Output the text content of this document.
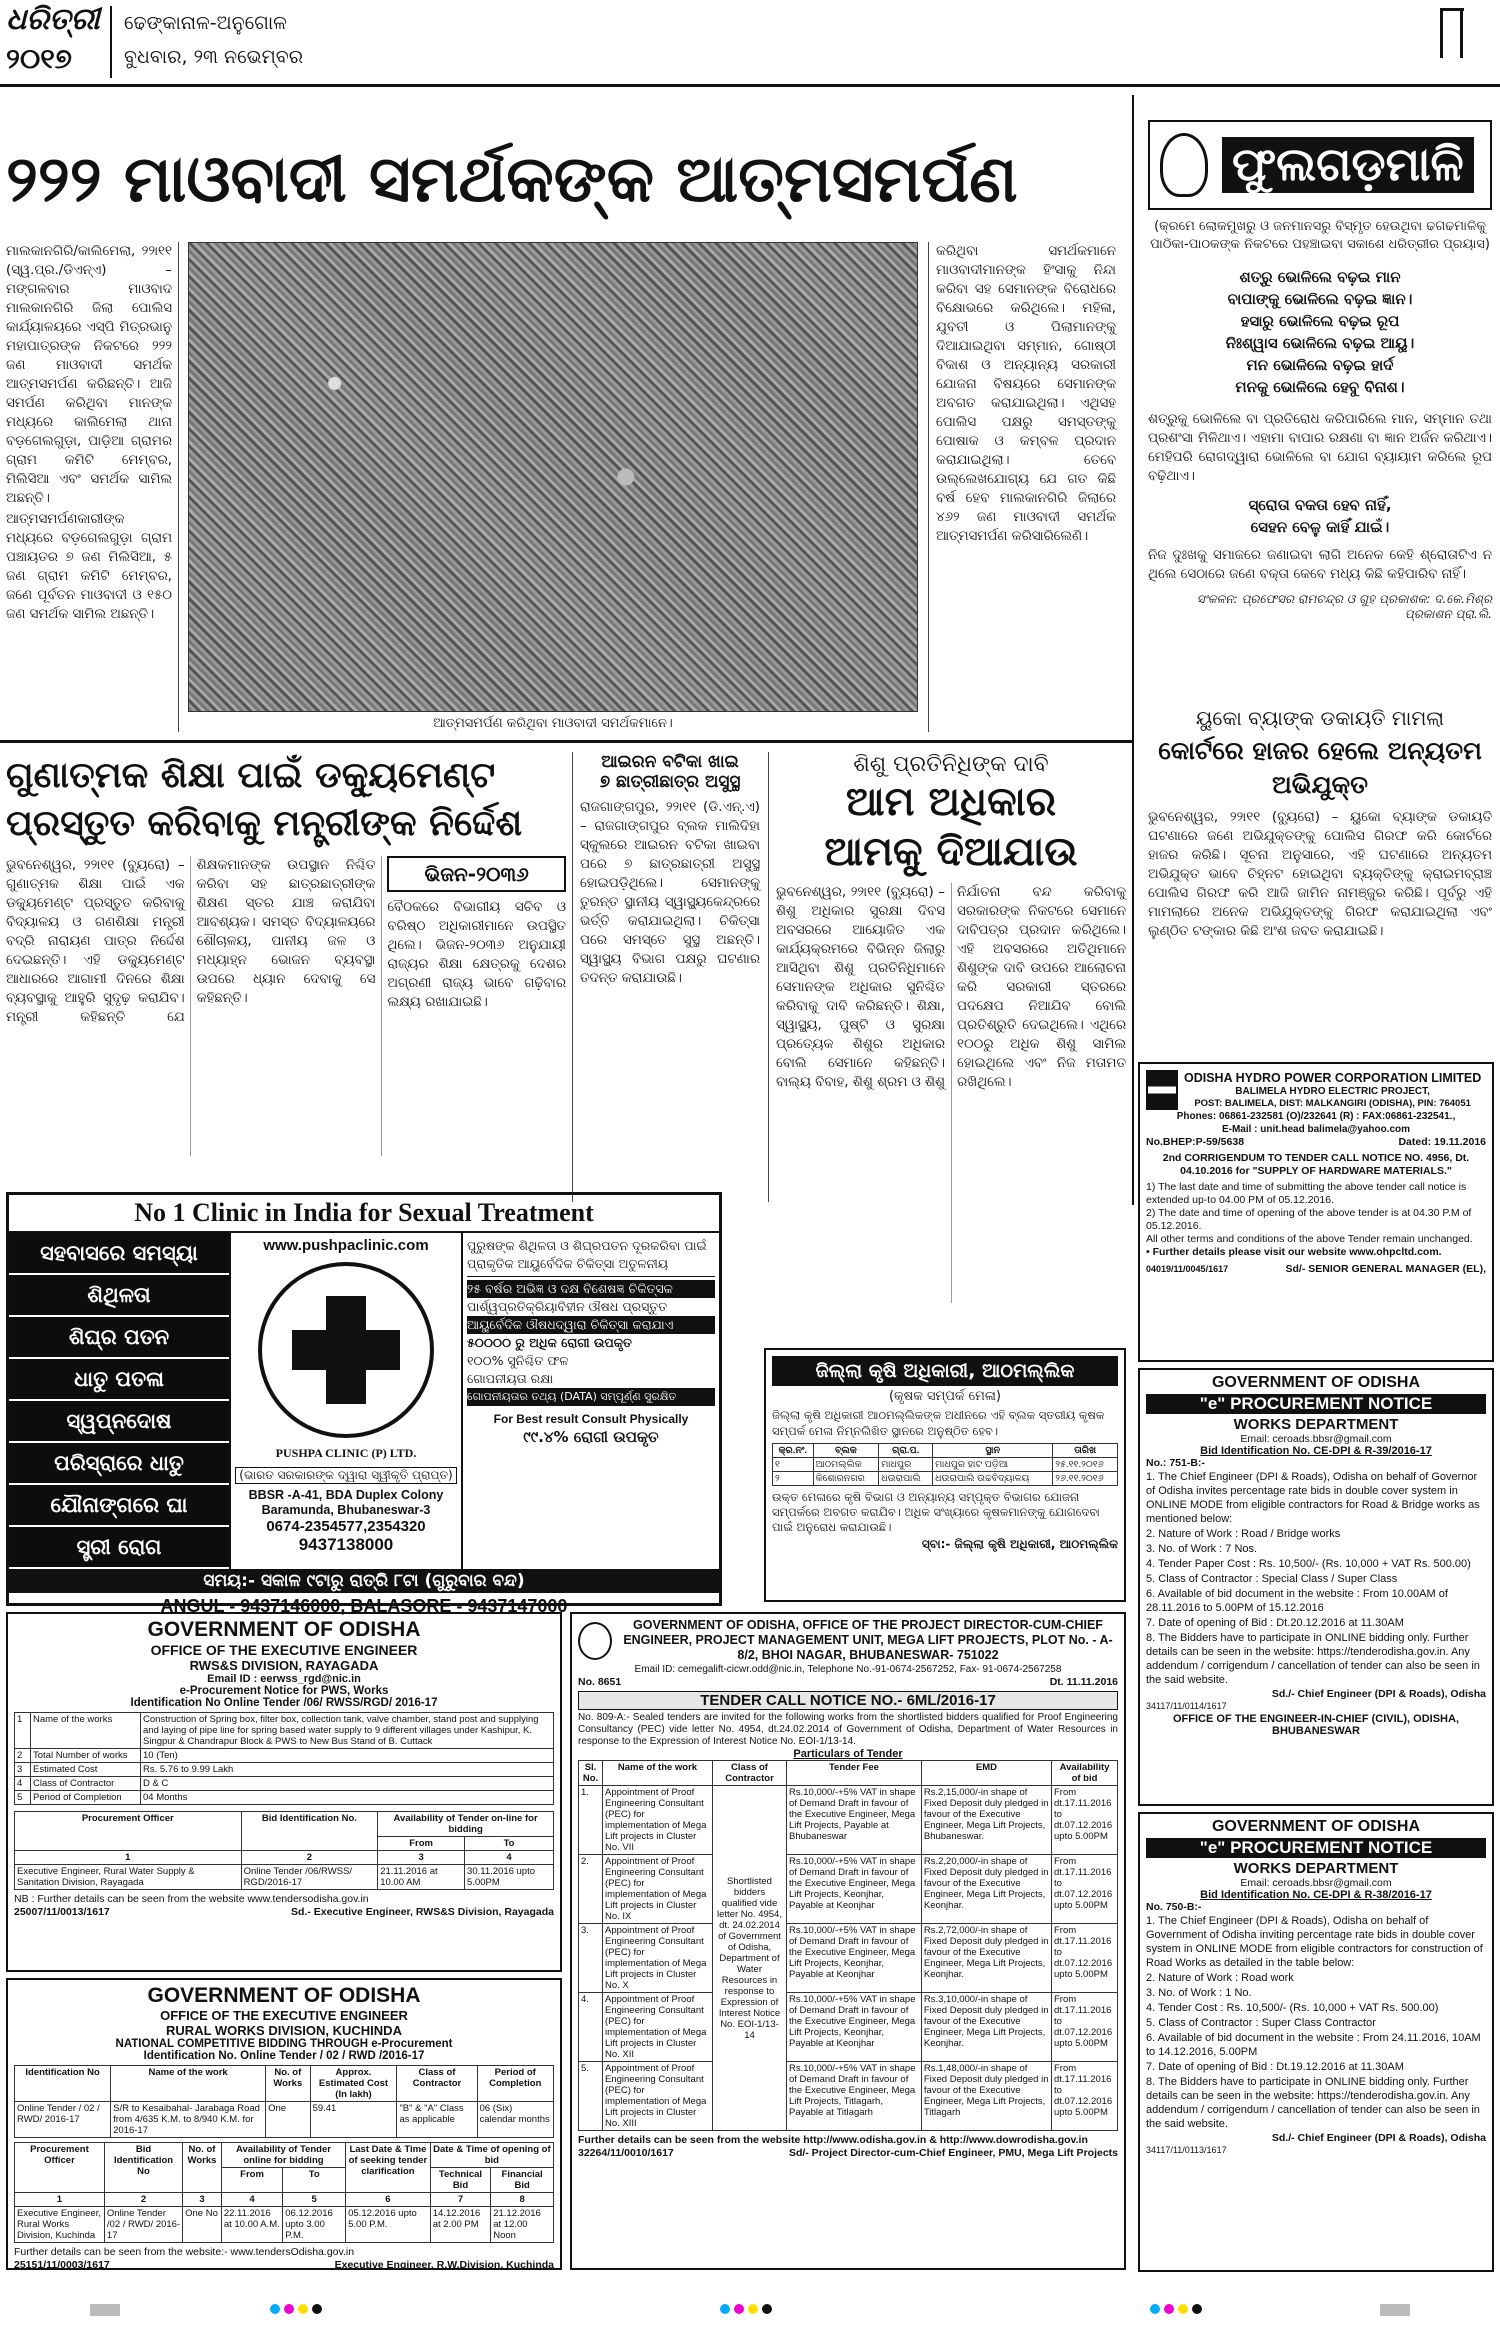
ଧରିତ୍ରୀ
୨୦୧୭
ଢେଙ୍କାନାଳ-ଅନୁଗୋଳ
ବୁଧବାର, ୨୩ ନଭେମ୍ବର
୨୨୨ ମାଓବାଦୀ ସମର୍ଥକଙ୍କ ଆତ୍ମସମର୍ପଣ

ମାଲକାନଗିରି/କାଲିମେଲା, ୨୨ା୧୧ (ସ୍ୱ.ପ୍ର./ଡିଏନ୍‌ଏ) – ମଙ୍ଗଳବାର ମାଓବାଦ ମାଲକାନଗିରି ଜିଲା ପୋଲିସ କାର୍ଯ୍ୟାଳୟରେ ଏସ୍‌ପି ମିତ୍ରଭାନୁ ମହାପାତ୍ରଙ୍କ ନିକଟରେ ୨୨୨ ଜଣ ମାଓବାଦୀ ସମର୍ଥକ ଆତ୍ମସମର୍ପଣ କରିଛନ୍ତି। ଆଜି ସମର୍ପଣ କରିଥିବା ମାନଙ୍କ ମଧ୍ୟରେ କାଲିମେଲା ଥାନା ବଡ଼ଗେଲଗୁଡ଼ା, ପାଡ଼ିଆ ଗ୍ରାମର ଗ୍ରାମ କମିଟି ମେମ୍ବର, ମିଲିସିଆ ଏବଂ ସମର୍ଥକ ସାମିଲ ଅଛନ୍ତି।

ଆତ୍ମସମର୍ପଣକାରୀଙ୍କ ମଧ୍ୟରେ ବଡ଼ଗେଲଗୁଡ଼ା ଗ୍ରାମ ପଞ୍ଚାୟତର ୭ ଜଣ ମିଲିସିଆ, ୫ ଜଣ ଗ୍ରାମ କମିଟି ମେମ୍ବର, ଜଣେ ପୂର୍ବତନ ମାଓବାଦୀ ଓ ୧୫୦ ଜଣ ସମର୍ଥକ ସାମିଲ ଅଛନ୍ତି।

ଆତ୍ମସମର୍ପଣ କରିଥିବା ମାଓବାଦୀ ସମର୍ଥକମାନେ।

କରିଥିବା ସମର୍ଥକମାନେ ମାଓବାଦୀମାନଙ୍କ ହିଂସାକୁ ନିନ୍ଦା କରିବା ସହ ସେମାନଙ୍କ ବିରୋଧରେ ବିକ୍ଷୋଭରେ କରିଥିଲେ। ମହିଳା, ଯୁବତୀ ଓ ପିଲାମାନଙ୍କୁ ଦିଆଯାଇଥିବା ସମ୍ମାନ, ଗୋଷ୍ଠୀ ବିକାଶ ଓ ଅନ୍ୟାନ୍ୟ ସରକାରୀ ଯୋଜନା ବିଷୟରେ ସେମାନଙ୍କ ଅବଗତ କରାଯାଇଥିଲା। ଏଥିସହ ପୋଲିସ ପକ୍ଷରୁ ସମସ୍ତଙ୍କୁ ପୋଷାକ ଓ କମ୍ବଳ ପ୍ରଦାନ କରାଯାଇଥିଲା। ତେବେ ଉଲ୍ଲେଖଯୋଗ୍ୟ ଯେ ଗତ କିଛି ବର୍ଷ ହେବ ମାଲକାନଗିରି ଜିଲାରେ ୪୬୨ ଜଣ ମାଓବାଦୀ ସମର୍ଥକ ଆତ୍ମସମର୍ପଣ କରିସାରିଲେଣି।

ଫୁଲଗଡ଼ମାଳି

(କ୍ରମେ ଲୋକମୁଖରୁ ଓ ଜନମାନସରୁ ବିସ୍ମୃତ ହେଉଥିବା ଢଗଢମାଳିକୁ ପାଠିକା-ପାଠକଙ୍କ ନିକଟରେ ପହଞ୍ଚାଇବା ସକାଶେ ଧରିତ୍ରୀର ପ୍ରୟାସ)

ଶତ୍ରୁ ଭୋଳିଲେ ବଢ଼ଇ ମାନ
ବାପାଙ୍କୁ ଭୋଳିଲେ ବଢ଼ଇ ଜ୍ଞାନ।
ହସାରୁ ଭୋଳିଲେ ବଢ଼ଇ ରୂପ
ନିଃଶ୍ୱାସ ଭୋଳିଲେ ବଢ଼ଇ ଆୟୁ।
ମନ ଭୋଳିଲେ ବଢ଼ଇ ହାର୍ଦ
ମନକୁ ଭୋଳିଲେ ହେବୁ ବିନାଶ।

ଶତ୍ରୁକୁ ଭୋଳିଲେ ବା ପ୍ରତିରୋଧ କରିପାରିଲେ ମାନ, ସମ୍ମାନ ତଥା ପ୍ରଶଂସା ମିଳିଥାଏ। ଏହାମା ବାପାର ରକ୍ଷଣା ବା ଜ୍ଞାନ ଅର୍ଜନ କରିଥାଏ। ମେହିପରି ରୋଗଦ୍ୱାରା ଭୋଳିଲେ ବା ଯୋଗ ବ୍ୟାୟାମ କରିଲେ ରୂପ ବଢ଼ିଥାଏ।

ସ୍ରୋତା ବକତା ହେବ ନାହିଁ,
ସେହନ ବେଳୁ କାହିଁ ଯାଇଁ।

ନିଜ ଦୁଃଖକୁ ସମାଜରେ ଜଣାଇବା ଲାଗି ଅନେକ କେହି ଶ୍ରୋତାଟିଏ ନ ଥିଲେ ସେଠାରେ ଜଣେ ବକ୍ତା କେବେ ମଧ୍ୟ କିଛି କହିପାରିବ ନାହିଁ।

ସଂକଳନ: ପ୍ରଫେସର ରାମଚନ୍ଦ୍ର ଓ ଗୁହ ପ୍ରକାଶକ: ଦ.କେ.ମିଶ୍ର ପ୍ରକାଶନ ପ୍ରା.ଲି.

ୟୁକୋ ବ୍ୟାଙ୍କ ଡକାୟତି ମାମଲା
କୋର୍ଟରେ ହାଜର ହେଲେ ଅନ୍ୟତମ ଅଭିଯୁକ୍ତ

ଭୁବନେଶ୍ୱର, ୨୨ା୧୧ (ବ୍ୟୁରୋ) – ୟୁକୋ ବ୍ୟାଙ୍କ ଡକାୟତି ଘଟଣାରେ ଜଣେ ଅଭିଯୁକ୍ତଙ୍କୁ ପୋଲିସ ଗିରଫ କରି କୋର୍ଟରେ ହାଜର କରିଛି। ସୂଚନା ଅନୁସାରେ, ଏହି ଘଟଣାରେ ଅନ୍ୟତମ ଅଭିଯୁକ୍ତ ଭାବେ ଚିହ୍ନଟ ହୋଇଥିବା ବ୍ୟକ୍ତିଙ୍କୁ କ୍ରାଇମବ୍ରାଞ୍ଚ ପୋଲିସ ଗିରଫ କରି ଆଜି ଜାମିନ ନାମଞ୍ଜୁର କରିଛି। ପୂର୍ବରୁ ଏହି ମାମଲାରେ ଅନେକ ଅଭିଯୁକ୍ତଙ୍କୁ ଗିରଫ କରାଯାଇଥିଲା ଏବଂ ଲୁଣ୍ଠିତ ଟଙ୍କାର କିଛି ଅଂଶ ଜବତ କରାଯାଇଛି।

ODISHA HYDRO POWER CORPORATION LIMITED
BALIMELA HYDRO ELECTRIC PROJECT,
POST: BALIMELA, DIST: MALKANGIRI (ODISHA), PIN: 764051
Phones: 06861-232581 (O)/232641 (R) : FAX:06861-232541.,
E-Mail : unit.head balimela@yahoo.com
No.BHEP:P-59/5638	Dated: 19.11.2016
2nd CORRIGENDUM TO TENDER CALL NOTICE NO. 4956, Dt. 04.10.2016 for "SUPPLY OF HARDWARE MATERIALS."
1) The last date and time of submitting the above tender call notice is extended up-to 04.00 PM of 05.12.2016.
2) The date and time of opening of the above tender is at 04.30 P.M of 05.12.2016.
All other terms and conditions of the above Tender remain unchanged.
• Further details please visit our website www.ohpcltd.com.
04019/11/0045/1617	Sd/- SENIOR GENERAL MANAGER (EL),
GOVERNMENT OF ODISHA
"e" PROCUREMENT NOTICE
WORKS DEPARTMENT
Email: ceroads.bbsr@gmail.com
Bid Identification No. CE-DPI & R-39/2016-17
No.: 751-B:-
1. The Chief Engineer (DPI & Roads), Odisha on behalf of Governor of Odisha invites percentage rate bids in double cover system in ONLINE MODE from eligible contractors for Road & Bridge works as mentioned below:
2. Nature of Work : Road / Bridge works
3. No. of Work : 7 Nos.
4. Tender Paper Cost : Rs. 10,500/- (Rs. 10,000 + VAT Rs. 500.00)
5. Class of Contractor : Special Class / Super Class
6. Available of bid document in the website : From 10.00AM of 28.11.2016 to 5.00PM of 15.12.2016
7. Date of opening of Bid : Dt.20.12.2016 at 11.30AM
8. The Bidders have to participate in ONLINE bidding only. Further details can be seen in the website: https://tenderodisha.gov.in. Any addendum / corrigendum / cancellation of tender can also be seen in the said website.
Sd./- Chief Engineer (DPI & Roads), Odisha
34117/11/0114/1617
OFFICE OF THE ENGINEER-IN-CHIEF (CIVIL), ODISHA, BHUBANESWAR
GOVERNMENT OF ODISHA
"e" PROCUREMENT NOTICE
WORKS DEPARTMENT
Email: ceroads.bbsr@gmail.com
Bid Identification No. CE-DPI & R-38/2016-17
No. 750-B:-
1. The Chief Engineer (DPI & Roads), Odisha on behalf of Government of Odisha inviting percentage rate bids in double cover system in ONLINE MODE from eligible contractors for construction of Road Works as detailed in the table below:
2. Nature of Work : Road work
3. No. of Work : 1 No.
4. Tender Cost : Rs. 10,500/- (Rs. 10,000 + VAT Rs. 500.00)
5. Class of Contractor : Super Class Contractor
6. Available of bid document in the website : From 24.11.2016, 10AM to 14.12.2016, 5.00PM
7. Date of opening of Bid : Dt.19.12.2016 at 11.30AM
8. The Bidders have to participate in ONLINE bidding only. Further details can be seen in the website: https://tenderodisha.gov.in. Any addendum / corrigendum / cancellation of tender can also be seen in the said website.
Sd./- Chief Engineer (DPI & Roads), Odisha
34117/11/0113/1617
ଗୁଣାତ୍ମକ ଶିକ୍ଷା ପାଇଁ ଡକ୍ୟୁମେଣ୍ଟ
ପ୍ରସ୍ତୁତ କରିବାକୁ ମନ୍ତ୍ରୀଙ୍କ ନିର୍ଦ୍ଦେଶ

ଭୁବନେଶ୍ୱର, ୨୨ା୧୧ (ବ୍ୟୁରୋ) – ଗୁଣାତ୍ମକ ଶିକ୍ଷା ପାଇଁ ଏକ ଡକ୍ୟୁମେଣ୍ଟ ପ୍ରସ୍ତୁତ କରିବାକୁ ବିଦ୍ୟାଳୟ ଓ ଗଣଶିକ୍ଷା ମନ୍ତ୍ରୀ ବଦ୍ରି ନାରାୟଣ ପାତ୍ର ନିର୍ଦ୍ଦେଶ ଦେଇଛନ୍ତି। ଏହି ଡକ୍ୟୁମେଣ୍ଟ ଆଧାରରେ ଆଗାମୀ ଦିନରେ ଶିକ୍ଷା ବ୍ୟବସ୍ଥାକୁ ଆହୁରି ସୁଦୃଢ଼ କରାଯିବ। ମନ୍ତ୍ରୀ କହିଛନ୍ତି ଯେ ଶିକ୍ଷକମାନଙ୍କ ଉପସ୍ଥାନ ନିଶ୍ଚିତ କରିବା ସହ ଛାତ୍ରଛାତ୍ରୀଙ୍କ ଶିକ୍ଷଣ ସ୍ତର ଯାଞ୍ଚ କରାଯିବା ଆବଶ୍ୟକ। ସମସ୍ତ ବିଦ୍ୟାଳୟରେ ଶୌଚାଳୟ, ପାନୀୟ ଜଳ ଓ ମଧ୍ୟାହ୍ନ ଭୋଜନ ବ୍ୟବସ୍ଥା ଉପରେ ଧ୍ୟାନ ଦେବାକୁ ସେ କହିଛନ୍ତି।

ଭିଜନ-୨୦୩୬

ବୈଠକରେ ବିଭାଗୀୟ ସଚିବ ଓ ବରିଷ୍ଠ ଅଧିକାରୀମାନେ ଉପସ୍ଥିତ ଥିଲେ। ଭିଜନ-୨୦୩୬ ଅନୁଯାୟୀ ରାଜ୍ୟର ଶିକ୍ଷା କ୍ଷେତ୍ରକୁ ଦେଶର ଅଗ୍ରଣୀ ରାଜ୍ୟ ଭାବେ ଗଢ଼ିବାର ଲକ୍ଷ୍ୟ ରଖାଯାଇଛି।

ଆଇରନ ବଟିକା ଖାଇ
୭ ଛାତ୍ରୀଛାତ୍ର ଅସୁସ୍ଥ

ରାଜଗାଙ୍ଗପୁର, ୨୨ା୧୧ (ଡି.ଏନ୍‌.ଏ) – ରାଜଗାଙ୍ଗପୁର ବ୍ଲକ ମାଲିଦିହା ସ୍କୁଲରେ ଆଇରନ ବଟିକା ଖାଇବା ପରେ ୭ ଛାତ୍ରଛାତ୍ରୀ ଅସୁସ୍ଥ ହୋଇପଡ଼ିଥିଲେ। ସେମାନଙ୍କୁ ତୁରନ୍ତ ସ୍ଥାନୀୟ ସ୍ୱାସ୍ଥ୍ୟକେନ୍ଦ୍ରରେ ଭର୍ତ୍ତି କରାଯାଇଥିଲା। ଚିକିତ୍ସା ପରେ ସମସ୍ତେ ସୁସ୍ଥ ଅଛନ୍ତି। ସ୍ୱାସ୍ଥ୍ୟ ବିଭାଗ ପକ୍ଷରୁ ଘଟଣାର ତଦନ୍ତ କରାଯାଉଛି।

ଶିଶୁ ପ୍ରତିନିଧିଙ୍କ ଦାବି
ଆମ ଅଧିକାର
ଆମକୁ ଦିଆଯାଉ

ଭୁବନେଶ୍ୱର, ୨୨ା୧୧ (ବ୍ୟୁରୋ) – ଶିଶୁ ଅଧିକାର ସୁରକ୍ଷା ଦିବସ ଅବସରରେ ଆୟୋଜିତ ଏକ କାର୍ଯ୍ୟକ୍ରମରେ ବିଭିନ୍ନ ଜିଲାରୁ ଆସିଥିବା ଶିଶୁ ପ୍ରତିନିଧିମାନେ ସେମାନଙ୍କ ଅଧିକାର ସୁନିଶ୍ଚିତ କରିବାକୁ ଦାବି କରିଛନ୍ତି। ଶିକ୍ଷା, ସ୍ୱାସ୍ଥ୍ୟ, ପୁଷ୍ଟି ଓ ସୁରକ୍ଷା ପ୍ରତ୍ୟେକ ଶିଶୁର ଅଧିକାର ବୋଲି ସେମାନେ କହିଛନ୍ତି। ବାଲ୍ୟ ବିବାହ, ଶିଶୁ ଶ୍ରମ ଓ ଶିଶୁ ନିର୍ଯାତନା ବନ୍ଦ କରିବାକୁ ସରକାରଙ୍କ ନିକଟରେ ସେମାନେ ଦାବିପତ୍ର ପ୍ରଦାନ କରିଥିଲେ। ଏହି ଅବସରରେ ଅତିଥିମାନେ ଶିଶୁଙ୍କ ଦାବି ଉପରେ ଆଲୋଚନା କରି ସରକାରୀ ସ୍ତରରେ ପଦକ୍ଷେପ ନିଆଯିବ ବୋଲି ପ୍ରତିଶ୍ରୁତି ଦେଇଥିଲେ। ଏଥିରେ ୧୦୦ରୁ ଅଧିକ ଶିଶୁ ସାମିଲ ହୋଇଥିଲେ ଏବଂ ନିଜ ମତାମତ ରଖିଥିଲେ।

No 1 Clinic in India for Sexual Treatment
ସହବାସରେ ସମସ୍ୟା
ଶିଥିଳତା
ଶିଘ୍ର ପତନ
ଧାତୁ ପତଳା
ସ୍ୱପ୍ନଦୋଷ
ପରିସ୍ରାରେ ଧାତୁ
ଯୌନାଙ୍ଗରେ ଘା
ସ୍ତ୍ରୀ ରୋଗ
www.pushpaclinic.com
PUSHPA CLINIC (P) LTD.
(ଭାରତ ସରକାରଙ୍କ ଦ୍ୱାରା ସ୍ୱୀକୃତି ପ୍ରାପ୍ତ)
BBSR -A-41, BDA Duplex Colony Baramunda, Bhubaneswar-3
0674-2354577,2354320
9437138000
ପୁରୁଷଙ୍କ ଶିଥିଳତା ଓ ଶିଘ୍ରପତନ ଦୂରକରିବା ପାଇଁ ପ୍ରାକୃତିକ ଆୟୁର୍ବେଦିକ ଚିକିତ୍ସା ଅତୁଳନୀୟ
୨୫ ବର୍ଷର ଅଭିଜ୍ଞ ଓ ଦକ୍ଷ ବିଶେଷଜ୍ଞ ଚିକିତ୍ସକ
ପାର୍ଶ୍ୱପ୍ରତିକ୍ରିୟାବିହୀନ ଔଷଧ ପ୍ରସ୍ତୁତ
ଆୟୁର୍ବେଦିକ ଔଷଧଦ୍ୱାରା ଚିକିତ୍ସା କରାଯାଏ
୫୦୦୦୦ ରୁ ଅଧିକ ରୋଗୀ ଉପକୃତ
୧୦୦% ସୁନିଶ୍ଚିତ ଫଳ
ଗୋପନୀୟତା ରକ୍ଷା
ଗୋପନୀୟତାର ତଥ୍ୟ (DATA) ସମ୍ପୂର୍ଣ୍ଣ ସୁରକ୍ଷିତ
For Best result Consult Physically
୯୯.୪% ରୋଗୀ ଉପକୃତ
ସମୟ:- ସକାଳ ୯ଟାରୁ ରାତ୍ରି ୮ଟା (ଗୁରୁବାର ବନ୍ଦ)
ANGUL - 9437146000, BALASORE - 9437147000
ଜିଲ୍ଲା କୃଷି ଅଧିକାରୀ, ଆଠମଲ୍ଲିକ
(କୃଷକ ସମ୍ପର୍କ ମେଳା)

ଜିଲ୍ଲା କୃଷି ଅଧିକାରୀ ଆଠମଲ୍ଲିକଙ୍କ ଅଧୀନରେ ଏହି ବ୍ଲକ ସ୍ତରୀୟ କୃଷକ ସମ୍ପର୍କ ମେଳା ନିମ୍ନଲିଖିତ ସ୍ଥାନରେ ଅନୁଷ୍ଠିତ ହେବ।

କ୍ର.ନଂ.	ବ୍ଲକ	ଗ୍ରା.ପ.	ସ୍ଥାନ	ତାରିଖ
୧	ଆଠମଲ୍ଲିକ	ମାଧପୁର	ମାଧପୁର ହାଟ ପଡ଼ିଆ	୨୫.୧୧.୨୦୧୬
୨	କିଶୋରନଗର	ଧଉରାପାଲି	ଧଉରାପାଲି ଉଚ୍ଚବିଦ୍ୟାଳୟ	୨୬.୧୧.୨୦୧୬

ଉକ୍ତ ମେଳାରେ କୃଷି ବିଭାଗ ଓ ଅନ୍ୟାନ୍ୟ ସମ୍ପୃକ୍ତ ବିଭାଗର ଯୋଜନା ସମ୍ପର୍କରେ ଅବଗତ କରାଯିବ। ଅଧିକ ସଂଖ୍ୟାରେ କୃଷକମାନଙ୍କୁ ଯୋଗଦେବା ପାଇଁ ଅନୁରୋଧ କରାଯାଉଛି।

ସ୍ବା:- ଜିଲ୍ଲା କୃଷି ଅଧିକାରୀ, ଆଠମଲ୍ଲିକ
GOVERNMENT OF ODISHA
OFFICE OF THE EXECUTIVE ENGINEER
RWS&S DIVISION, RAYAGADA
Email ID : eerwss_rgd@nic.in
e-Procurement Notice for PWS, Works
Identification No Online Tender /06/ RWSS/RGD/ 2016-17
1	Name of the works	Construction of Spring box, filter box, collection tank, valve chamber, stand post and supplying and laying of pipe line for spring based water supply to 9 different villages under Kashipur, K. Singpur & Chandrapur Block & PWS to New Bus Stand of B. Cuttack
2	Total Number of works	10 (Ten)
3	Estimated Cost	Rs. 5.76 to 9.99 Lakh
4	Class of Contractor	D & C
5	Period of Completion	04 Months
Procurement Officer	Bid Identification No.	Availability of Tender on-line for bidding	
		From	To
1	2	3	4
Executive Engineer, Rural Water Supply & Sanitation Division, Rayagada	Online Tender /06/RWSS/ RGD/2016-17	21.11.2016 at 10.00 AM	30.11.2016 upto 5.00PM
NB : Further details can be seen from the website www.tendersodisha.gov.in
25007/11/0013/1617	Sd.- Executive Engineer, RWS&S Division, Rayagada
GOVERNMENT OF ODISHA
OFFICE OF THE EXECUTIVE ENGINEER
RURAL WORKS DIVISION, KUCHINDA
NATIONAL COMPETITIVE BIDDING THROUGH e-Procurement
Identification No. Online Tender / 02 / RWD /2016-17
Identification No	Name of the work	No. of Works	Approx. Estimated Cost (In lakh)	Class of Contractor	Period of Completion
Online Tender / 02 / RWD/ 2016-17	S/R to Kesaibahal- Jarabaga Road from 4/635 K.M. to 8/940 K.M. for 2016-17	One	59.41	"B" & "A" Class as applicable	06 (Six) calendar months
Procurement Officer	Bid Identification No	No. of Works	Availability of Tender online for bidding		Last Date & Time of seeking tender clarification	Date & Time of opening of bid	
			From	To		Technical Bid	Financial Bid
1	2	3	4	5	6	7	8
Executive Engineer, Rural Works Division, Kuchinda	Online Tender /02 / RWD/ 2016-17	One No	22.11.2016 at 10.00 A.M.	06.12.2016 upto 3.00 P.M.	05.12.2016 upto 5.00 P.M.	14.12.2016 at 2.00 PM	21.12.2016 at 12.00 Noon
Further details can be seen from the website:- www.tendersOdisha.gov.in
25151/11/0003/1617	Executive Engineer, R.W.Division, Kuchinda
GOVERNMENT OF ODISHA, OFFICE OF THE PROJECT DIRECTOR-CUM-CHIEF ENGINEER, PROJECT MANAGEMENT UNIT, MEGA LIFT PROJECTS, PLOT No. - A- 8/2, BHOI NAGAR, BHUBANESWAR- 751022
Email ID: cemegalift-cicwr.odd@nic.in, Telephone No.-91-0674-2567252, Fax- 91-0674-2567258
No. 8651	Dt. 11.11.2016
TENDER CALL NOTICE NO.- 6ML/2016-17
No. 809-A:- Sealed tenders are invited for the following works from the shortlisted bidders qualified for Proof Engineering Consultancy (PEC) vide letter No. 4954, dt.24.02.2014 of Government of Odisha, Department of Water Resources in response to the Expression of Interest Notice No. EOI-1/13-14.
Particulars of Tender
Sl. No.	Name of the work	Class of Contractor	Tender Fee	EMD	Availability of bid
1.	Appointment of Proof Engineering Consultant (PEC) for implementation of Mega Lift projects in Cluster No. VII	Shortlisted bidders qualified vide letter No. 4954, dt. 24.02.2014 of Government of Odisha, Department of Water Resources in response to Expression of Interest Notice No. EOI-1/13-14	Rs.10,000/-+5% VAT in shape of Demand Draft in favour of the Executive Engineer, Mega Lift Projects, Payable at Bhubaneswar	Rs.2,15,000/-in shape of Fixed Deposit duly pledged in favour of the Executive Engineer, Mega Lift Projects, Bhubaneswar.	From dt.17.11.2016 to dt.07.12.2016 upto 5.00PM
2.	Appointment of Proof Engineering Consultant (PEC) for implementation of Mega Lift projects in Cluster No. IX		Rs.10,000/-+5% VAT in shape of Demand Draft in favour of the Executive Engineer, Mega Lift Projects, Keonjhar, Payable at Keonjhar	Rs.2,20,000/-in shape of Fixed Deposit duly pledged in favour of the Executive Engineer, Mega Lift Projects, Keonjhar.	From dt.17.11.2016 to dt.07.12.2016 upto 5.00PM
3.	Appointment of Proof Engineering Consultant (PEC) for implementation of Mega Lift projects in Cluster No. X		Rs.10,000/-+5% VAT in shape of Demand Draft in favour of the Executive Engineer, Mega Lift Projects, Keonjhar, Payable at Keonjhar	Rs.2,72,000/-in shape of Fixed Deposit duly pledged in favour of the Executive Engineer, Mega Lift Projects, Keonjhar.	From dt.17.11.2016 to dt.07.12.2016 upto 5.00PM
4.	Appointment of Proof Engineering Consultant (PEC) for implementation of Mega Lift projects in Cluster No. XII		Rs.10,000/-+5% VAT in shape of Demand Draft in favour of the Executive Engineer, Mega Lift Projects, Keonjhar, Payable at Keonjhar	Rs.3,10,000/-in shape of Fixed Deposit duly pledged in favour of the Executive Engineer, Mega Lift Projects, Keonjhar.	From dt.17.11.2016 to dt.07.12.2016 upto 5.00PM
5.	Appointment of Proof Engineering Consultant (PEC) for implementation of Mega Lift projects in Cluster No. XIII		Rs.10,000/-+5% VAT in shape of Demand Draft in favour of the Executive Engineer, Mega Lift Projects, Titlagarh, Payable at Titlagarh	Rs.1,48,000/-in shape of Fixed Deposit duly pledged in favour of the Executive Engineer, Mega Lift Projects, Titlagarh	From dt.17.11.2016 to dt.07.12.2016 upto 5.00PM
Further details can be seen from the website http://www.odisha.gov.in & http://www.dowrodisha.gov.in
32264/11/0010/1617	Sd/- Project Director-cum-Chief Engineer, PMU, Mega Lift Projects
